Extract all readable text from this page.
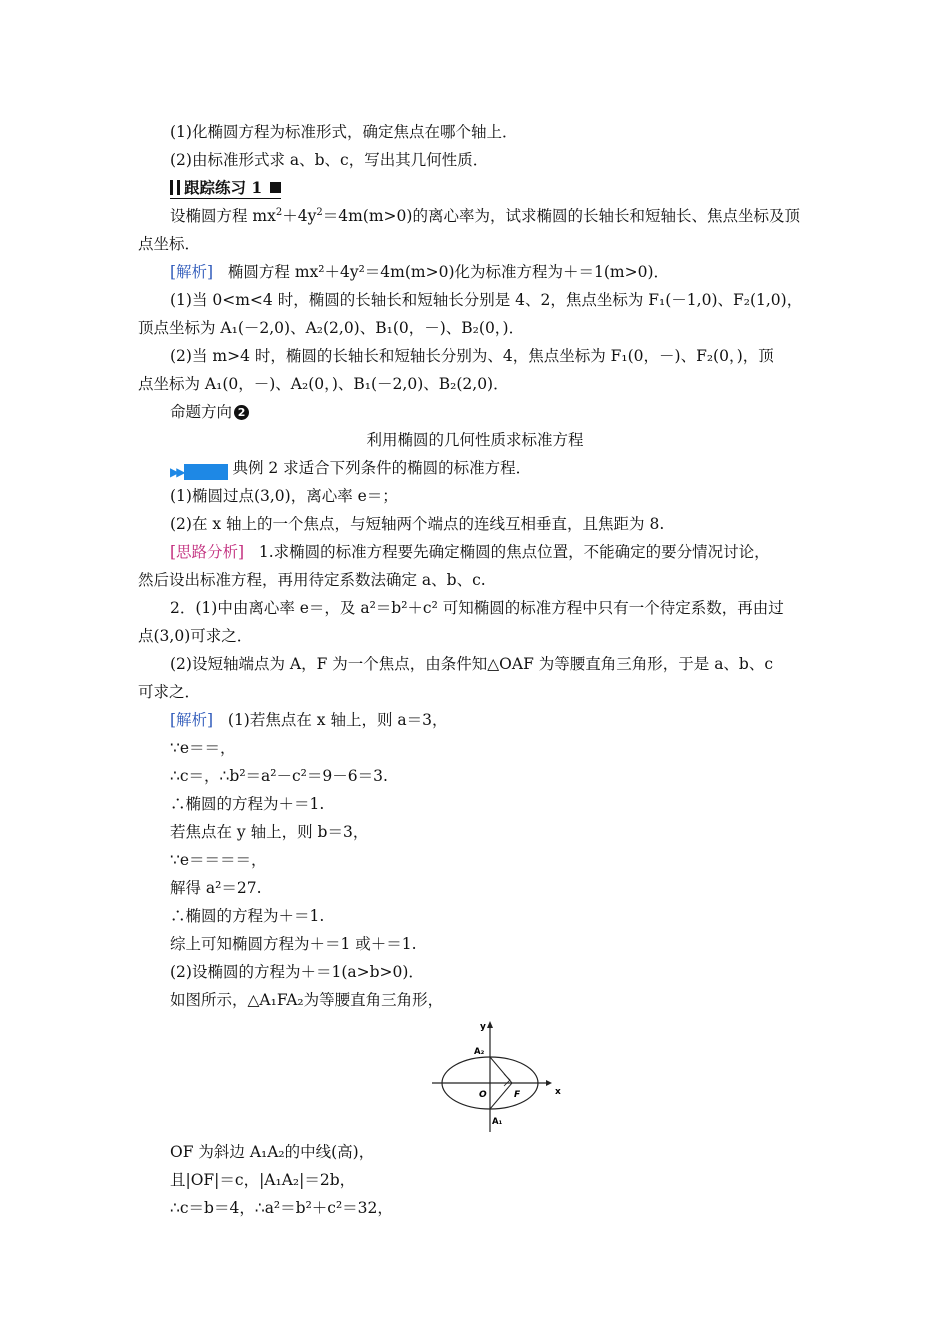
(1)化椭圆方程为标准形式，确定焦点在哪个轴上．
(2)由标准形式求 a、b、c，写出其几何性质．
跟踪练习 1
设椭圆方程 $mx^2+4y^2=4m(m>0)$的离心率为，试求椭圆的长轴长和短轴长、焦点坐标及顶
点坐标．
[解析] 椭圆方程 mx²＋4y²＝4m(m>0)化为标准方程为＋＝1(m>0)．
(1)当 0<m<4 时，椭圆的长轴长和短轴长分别是 4、2，焦点坐标为 F₁(－1,0)、F₂(1,0)，
顶点坐标为 A₁(－2,0)、A₂(2,0)、B₁(0，－)、B₂(0，)．
(2)当 m>4 时，椭圆的长轴长和短轴长分别为、4，焦点坐标为 F₁(0，－)、F₂(0，)，顶
点坐标为 A₁(0，－)、A₂(0，)、B₁(－2,0)、B₂(2,0)．
命题方向 2
利用椭圆的几何性质求标准方程
▶▶	典例 2 求适合下列条件的椭圆的标准方程．
(1)椭圆过点(3,0)，离心率 e＝；
(2)在 x 轴上的一个焦点，与短轴两个端点的连线互相垂直，且焦距为 8.
[思路分析] 1.求椭圆的标准方程要先确定椭圆的焦点位置，不能确定的要分情况讨论，
然后设出标准方程，再用待定系数法确定 a、b、c.
2．(1)中由离心率 e＝，及 a²＝b²＋c² 可知椭圆的标准方程中只有一个待定系数，再由过
点(3,0)可求之．
(2)设短轴端点为 A，F 为一个焦点，由条件知△OAF 为等腰直角三角形，于是 a、b、c
可求之．
[解析] (1)若焦点在 x 轴上，则 a＝3，
∵e＝＝，
∴c＝，∴b²＝a²－c²＝9－6＝3.
∴椭圆的方程为＋＝1.
若焦点在 y 轴上，则 b＝3，
∵e＝＝＝＝，
解得 a²＝27.
∴椭圆的方程为＋＝1.
综上可知椭圆方程为＋＝1 或＋＝1.
(2)设椭圆的方程为＋＝1(a>b>0)．
如图所示，△A₁FA₂为等腰直角三角形，
y
x
A₂
A₁
O	F
OF 为斜边 A₁A₂的中线(高)，
且|OF|＝c，|A₁A₂|＝2b，
∴c＝b＝4，∴a²＝b²＋c²＝32，
